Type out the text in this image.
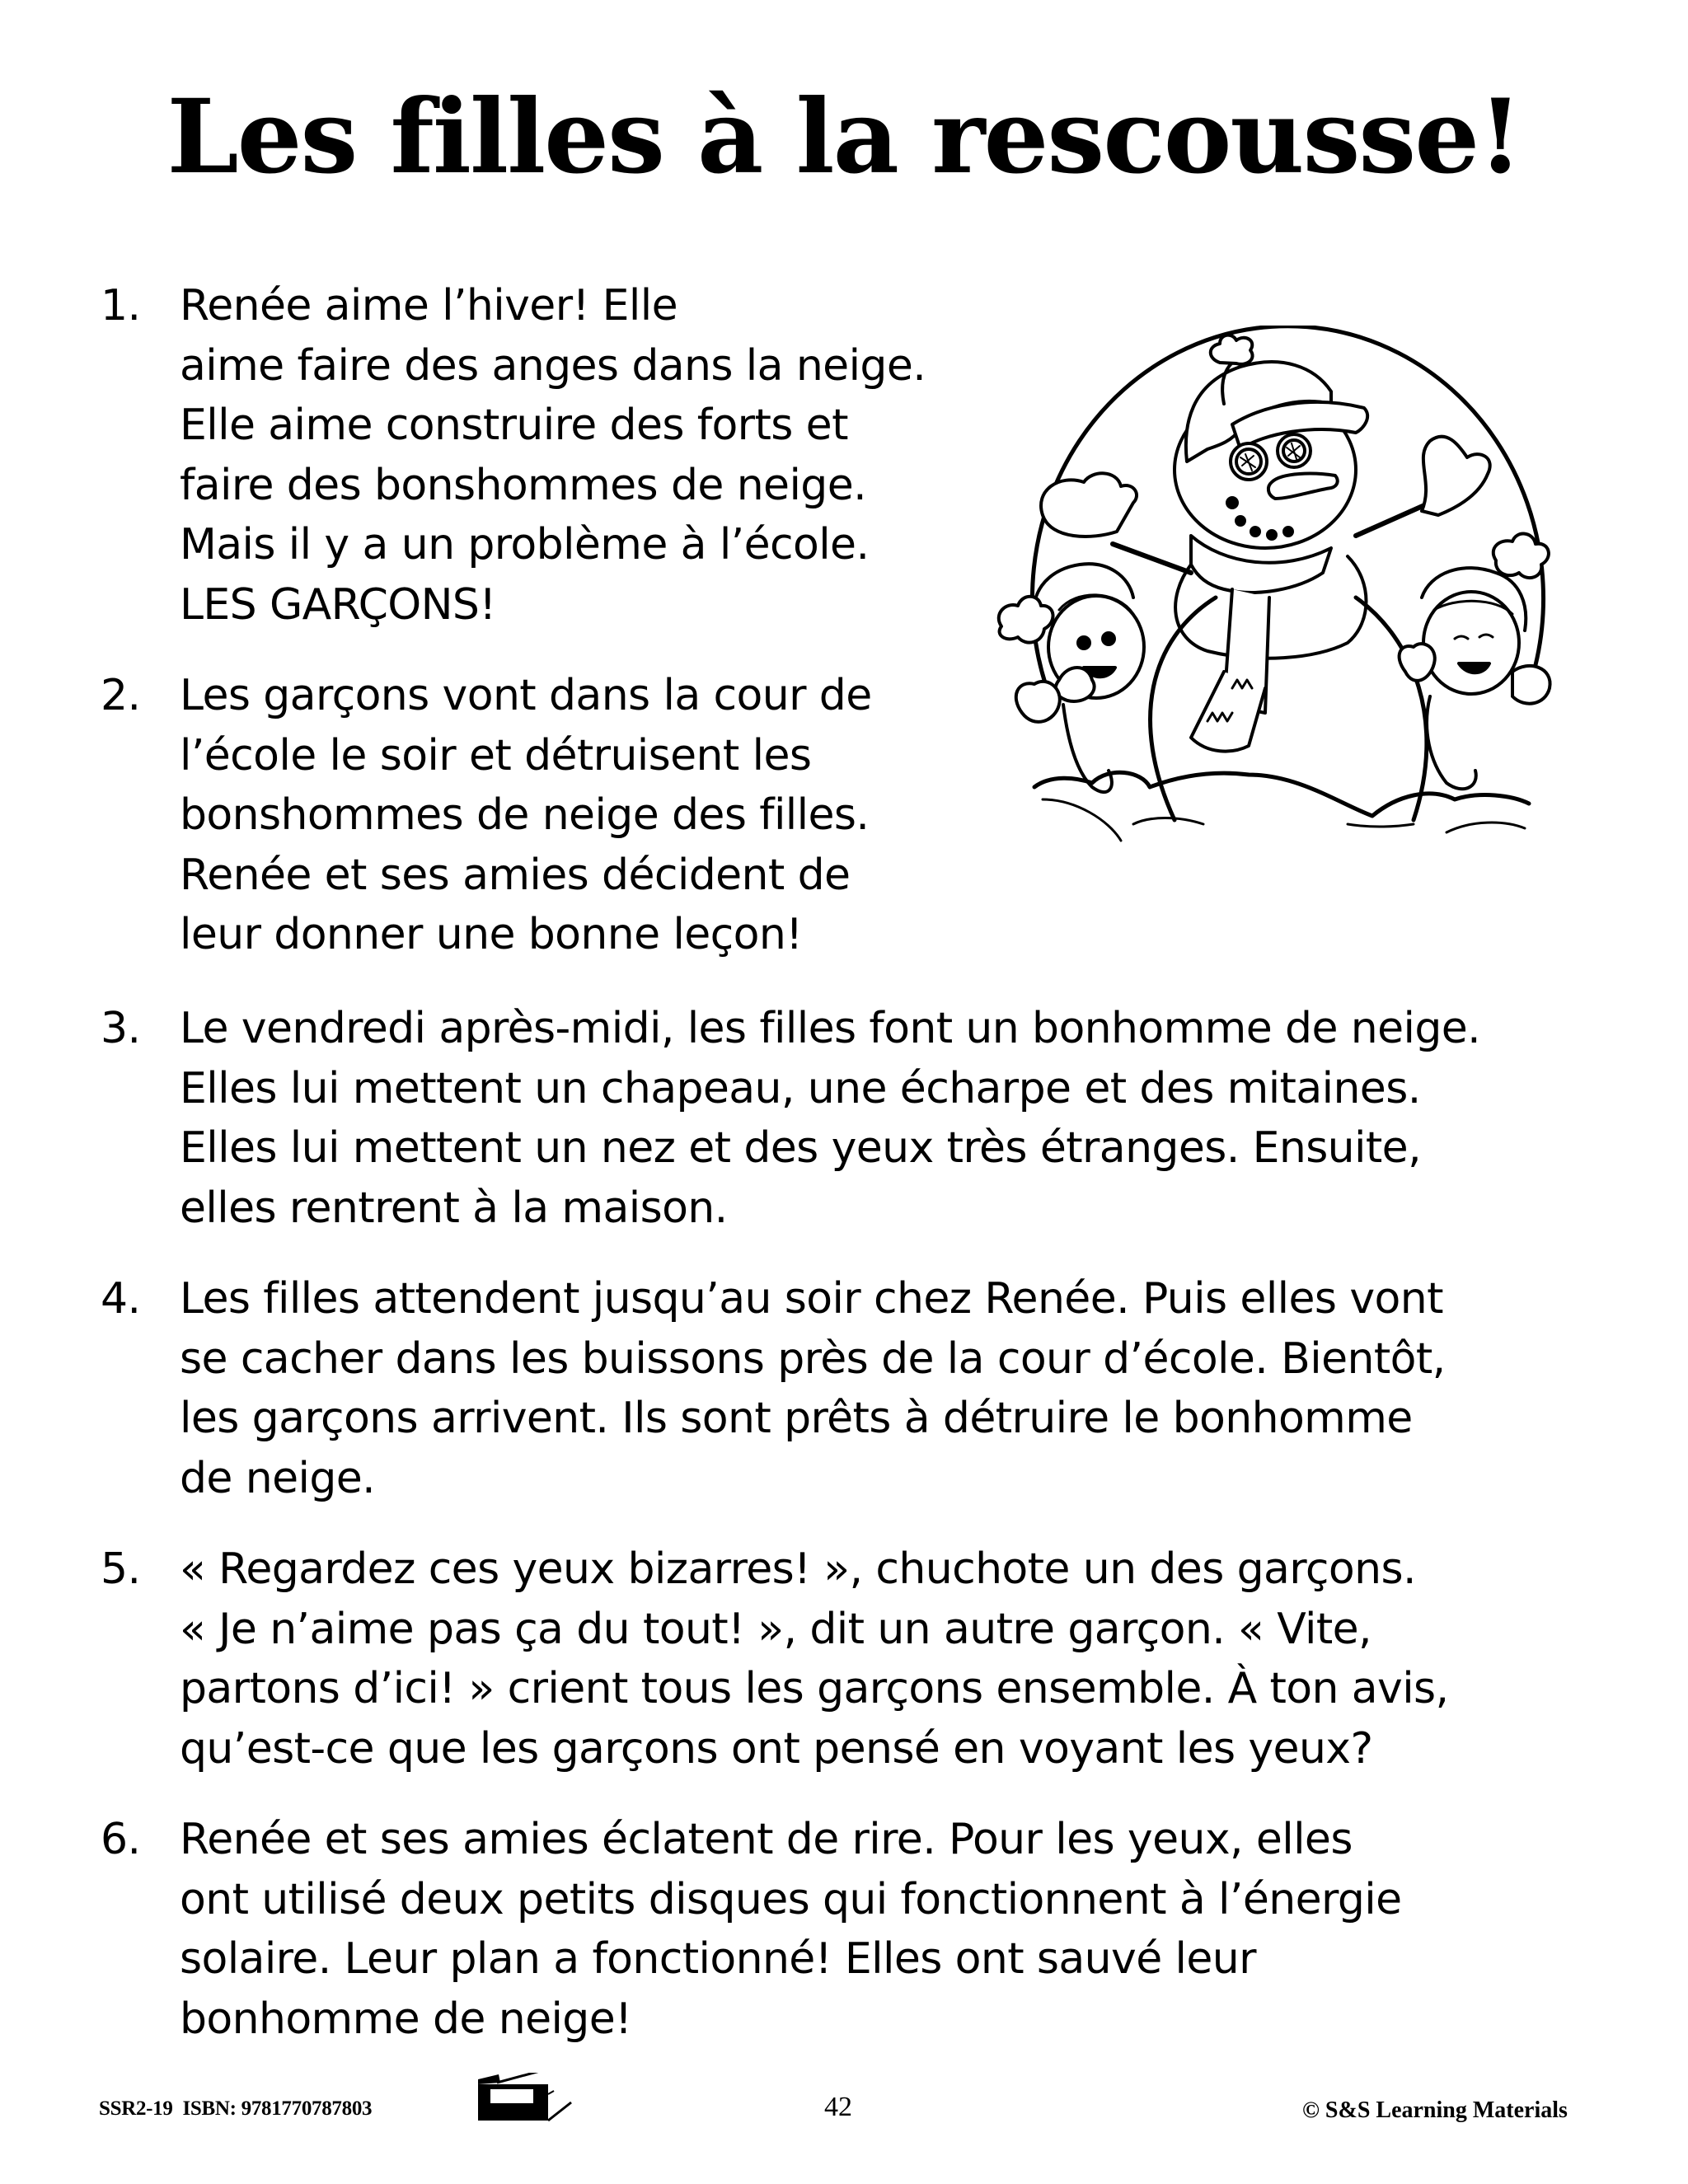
Les filles à la rescousse!
1. Renée aime l’hiver! Elle
aime faire des anges dans la neige.
Elle aime construire des forts et
faire des bonshommes de neige.
Mais il y a un problème à l’école.
LES GARÇONS!
2. Les garçons vont dans la cour de
l’école le soir et détruisent les
bonshommes de neige des filles.
Renée et ses amies décident de
leur donner une bonne leçon!
3. Le vendredi après-midi, les filles font un bonhomme de neige.
Elles lui mettent un chapeau, une écharpe et des mitaines.
Elles lui mettent un nez et des yeux très étranges. Ensuite,
elles rentrent à la maison.
4. Les filles attendent jusqu’au soir chez Renée. Puis elles vont
se cacher dans les buissons près de la cour d’école. Bientôt,
les garçons arrivent. Ils sont prêts à détruire le bonhomme
de neige.
5. « Regardez ces yeux bizarres! », chuchote un des garçons.
« Je n’aime pas ça du tout! », dit un autre garçon. « Vite,
partons d’ici! » crient tous les garçons ensemble. À ton avis,
qu’est-ce que les garçons ont pensé en voyant les yeux?
6. Renée et ses amies éclatent de rire. Pour les yeux, elles
ont utilisé deux petits disques qui fonctionnent à l’énergie
solaire. Leur plan a fonctionné! Elles ont sauvé leur
bonhomme de neige!
SSR2-19  ISBN: 9781770787803	42	© S&S Learning Materials
